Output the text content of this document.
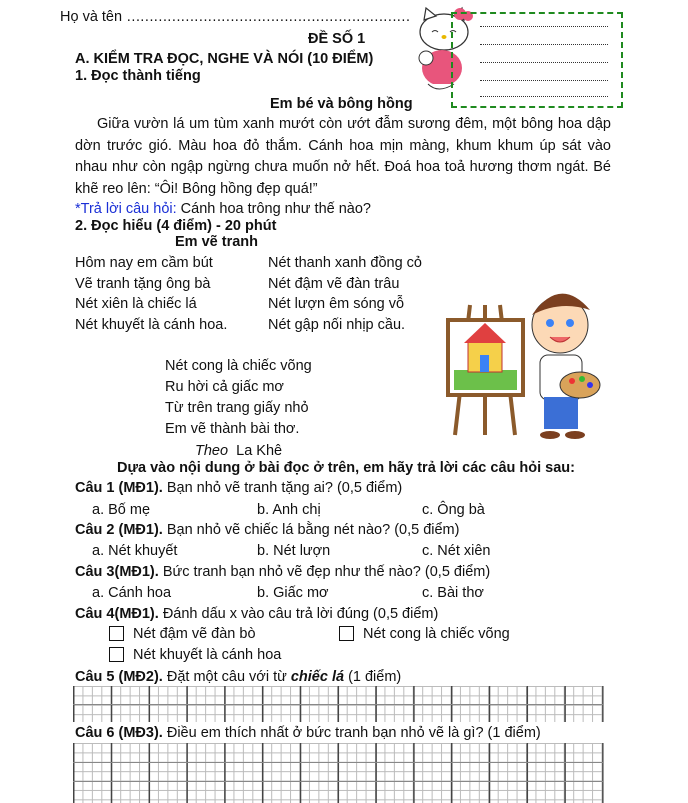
Họ và tên ………………………………………………………
ĐỀ SỐ 1
A. KIỂM TRA ĐỌC, NGHE VÀ NÓI (10 ĐIỂM)
1. Đọc thành tiếng
Em bé và bông hồng
Giữa vườn lá um tùm xanh mướt còn ướt đẫm sương đêm, một bông hoa dập dờn trước gió. Màu hoa đỏ thắm. Cánh hoa mịn màng, khum khum úp sát vào nhau như còn ngập ngừng chưa muốn nở hết. Đoá hoa toả hương thơm ngát. Bé khẽ reo lên: “Ôi! Bông hồng đẹp quá!”
*Trả lời câu hỏi: Cánh hoa trông như thế nào?
2. Đọc hiểu (4 điểm) - 20 phút
Em vẽ tranh
Hôm nay em cầm bút	Nét thanh xanh đồng cỏ
Vẽ tranh tặng ông bà	Nét đậm vẽ đàn trâu
Nét xiên là chiếc lá	Nét lượn êm sóng vỗ
Nét khuyết là cánh hoa.	Nét gập nối nhịp cầu.
Nét cong là chiếc võng
Ru hời cả giấc mơ
Từ trên trang giấy nhỏ
Em vẽ thành bài thơ.
Theo La Khê
Dựa vào nội dung ở bài đọc ở trên, em hãy trả lời các câu hỏi sau:
Câu 1 (MĐ1). Bạn nhỏ vẽ tranh tặng ai? (0,5 điểm)
a. Bố mẹ	b. Anh chị	c. Ông bà
Câu 2 (MĐ1). Bạn nhỏ vẽ chiếc lá bằng nét nào? (0,5 điểm)
a. Nét khuyết	b. Nét lượn	c. Nét xiên
Câu 3(MĐ1). Bức tranh bạn nhỏ vẽ đẹp như thế nào? (0,5 điểm)
a. Cánh hoa	b. Giấc mơ	c. Bài thơ
Câu 4(MĐ1). Đánh dấu x vào câu trả lời đúng (0,5 điểm)
Nét đậm vẽ đàn bò	Nét cong là chiếc võng
Nét khuyết là cánh hoa
Câu 5 (MĐ2). Đặt một câu với từ chiếc lá (1 điểm)
Câu 6 (MĐ3). Điều em thích nhất ở bức tranh bạn nhỏ vẽ là gì? (1 điểm)
